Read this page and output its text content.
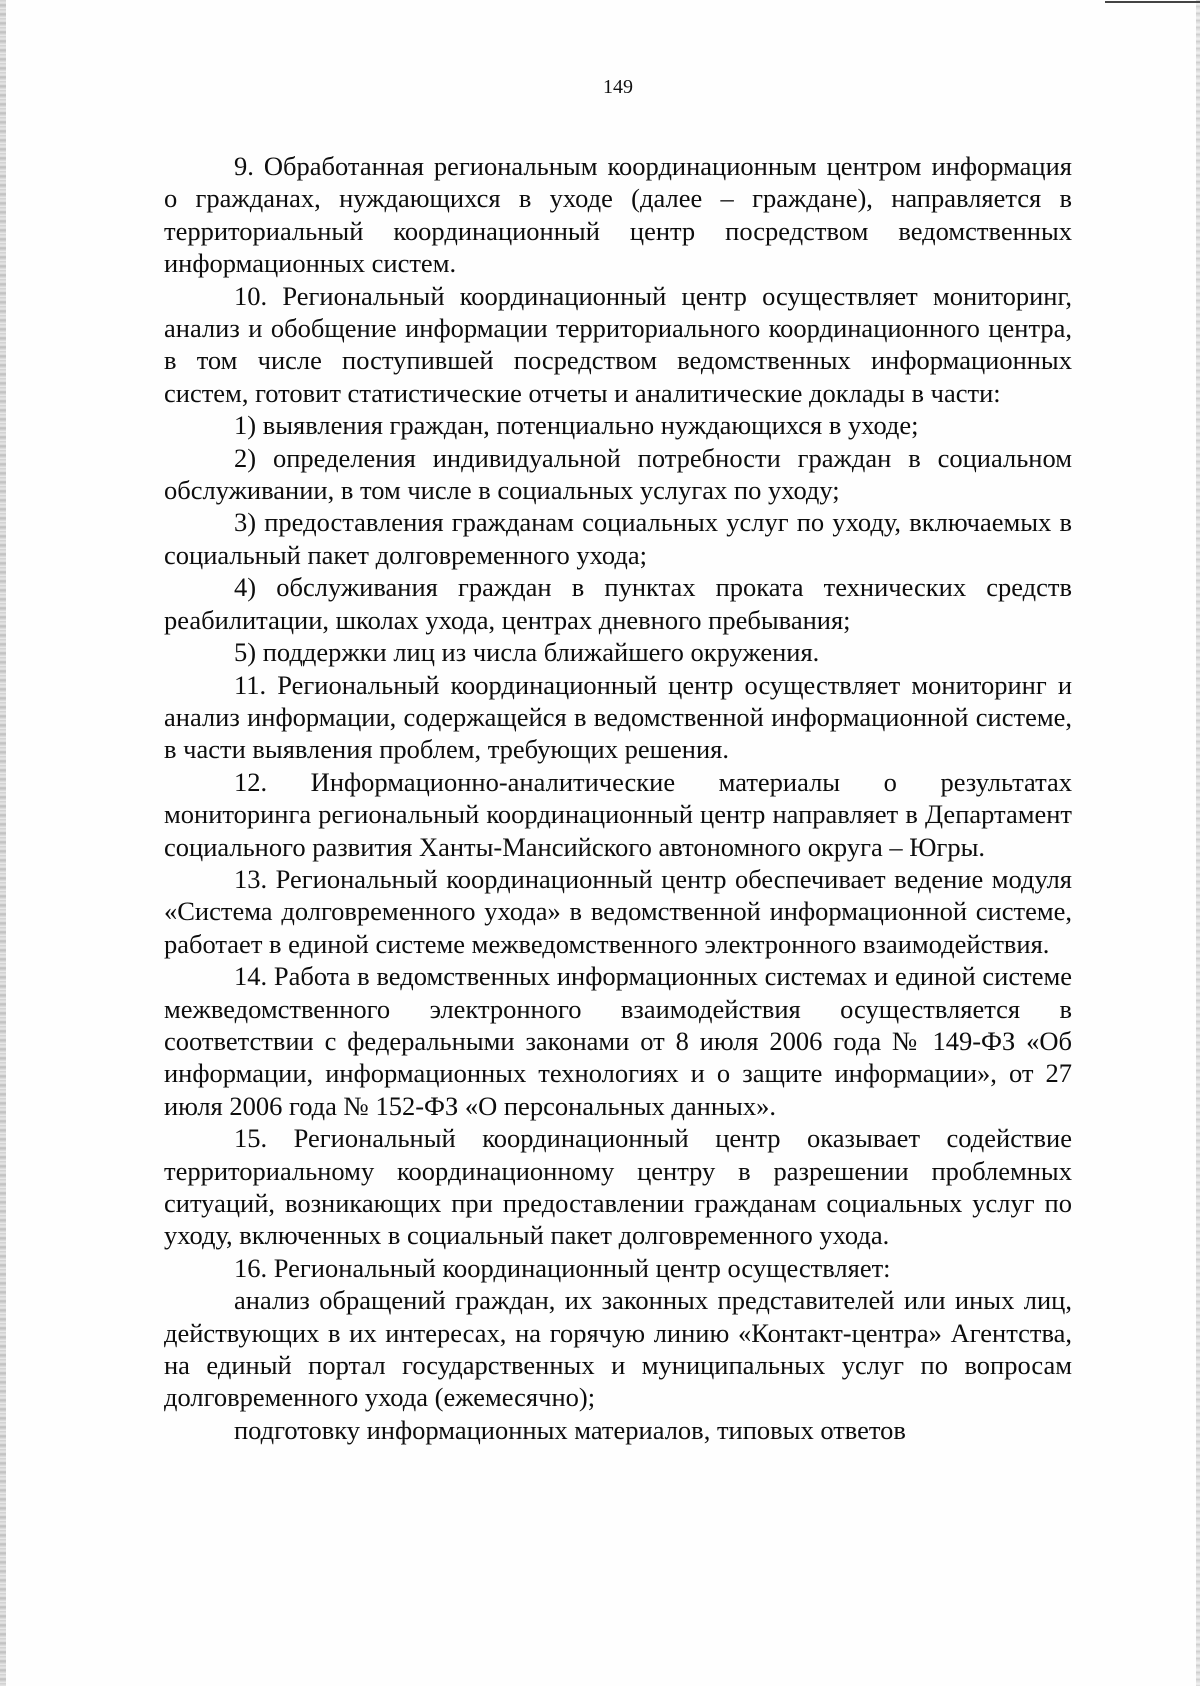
149

9. Обработанная региональным координационным центром информация о гражданах, нуждающихся в уходе (далее – граждане), направляется в территориальный координационный центр посредством ведомственных информационных систем.

10. Региональный координационный центр осуществляет мониторинг, анализ и обобщение информации территориального координационного центра, в том числе поступившей посредством ведомственных информационных систем, готовит статистические отчеты и аналитические доклады в части:

1) выявления граждан, потенциально нуждающихся в уходе;

2) определения индивидуальной потребности граждан в социальном обслуживании, в том числе в социальных услугах по уходу;

3) предоставления гражданам социальных услуг по уходу, включаемых в социальный пакет долговременного ухода;

4) обслуживания граждан в пунктах проката технических средств реабилитации, школах ухода, центрах дневного пребывания;

5) поддержки лиц из числа ближайшего окружения.

11. Региональный координационный центр осуществляет мониторинг и анализ информации, содержащейся в ведомственной информационной системе, в части выявления проблем, требующих решения.

12. Информационно-аналитические материалы о результатах мониторинга региональный координационный центр направляет в Департамент социального развития Ханты-Мансийского автономного округа – Югры.

13. Региональный координационный центр обеспечивает ведение модуля «Система долговременного ухода» в ведомственной информационной системе, работает в единой системе межведомственного электронного взаимодействия.

14. Работа в ведомственных информационных системах и единой системе межведомственного электронного взаимодействия осуществляется в соответствии с федеральными законами от 8 июля 2006 года № 149-ФЗ «Об информации, информационных технологиях и о защите информации», от 27 июля 2006 года № 152-ФЗ «О персональных данных».

15. Региональный координационный центр оказывает содействие территориальному координационному центру в разрешении проблемных ситуаций, возникающих при предоставлении гражданам социальных услуг по уходу, включенных в социальный пакет долговременного ухода.

16. Региональный координационный центр осуществляет:

анализ обращений граждан, их законных представителей или иных лиц, действующих в их интересах, на горячую линию «Контакт-центра» Агентства, на единый портал государственных и муниципальных услуг по вопросам долговременного ухода (ежемесячно);

подготовку информационных материалов, типовых ответов
